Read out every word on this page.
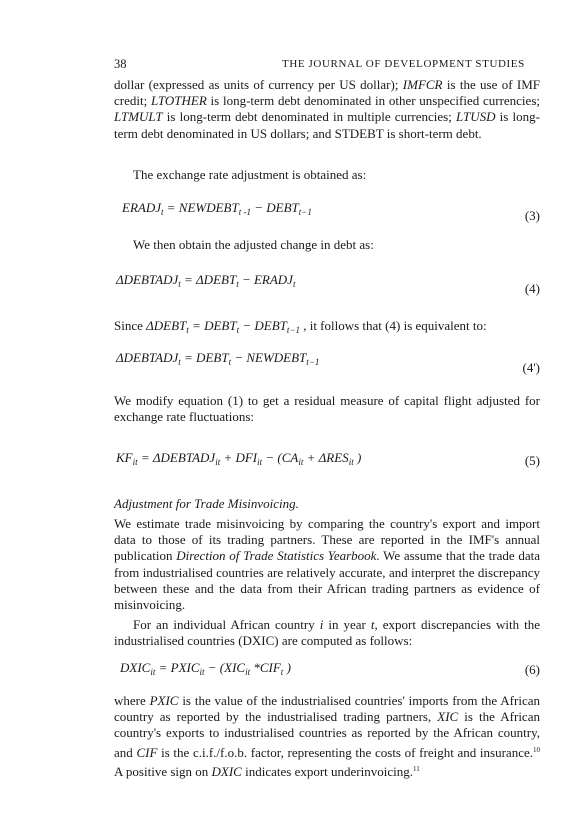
38	THE JOURNAL OF DEVELOPMENT STUDIES

dollar (expressed as units of currency per US dollar); IMFCR is the use of IMF credit; LTOTHER is long-term debt denominated in other unspecified currencies; LTMULT is long-term debt denominated in multiple currencies; LTUSD is long-term debt denominated in US dollars; and STDEBT is short-term debt.

The exchange rate adjustment is obtained as:

$ERADJ_t$ = $NEWDEBT_{t -1}$ − $DEBT_{t-1}$	(3)

We then obtain the adjusted change in debt as:

$\Delta DEBTADJ_t$ = $\Delta DEBT_t$ − $ERADJ_t$	(4)

Since $\Delta DEBT_t$ = $DEBT_t$ − $DEBT_{t-1}$ , it follows that (4) is equivalent to:

$\Delta DEBTADJ_t$ = $DEBT_t$ − $NEWDEBT_{t-1}$	(4')

We modify equation (1) to get a residual measure of capital flight adjusted for exchange rate fluctuations:

$KF_{it}$ = $\Delta DEBTADJ_{it} + DFI_{it} - (CA_{it} + \Delta RES_{it}$ )	(5)
Adjustment for Trade Misinvoicing.

We estimate trade misinvoicing by comparing the country's export and import data to those of its trading partners. These are reported in the IMF's annual publication Direction of Trade Statistics Yearbook. We assume that the trade data from industrialised countries are relatively accurate, and interpret the discrepancy between these and the data from their African trading partners as evidence of misinvoicing.

For an individual African country i in year t, export discrepancies with the industrialised countries (DXIC) are computed as follows:

$DXIC_{it}$ = $PXIC_{it} - (XIC_{it}$ $*CIF_t$ )	(6)

where PXIC is the value of the industrialised countries' imports from the African country as reported by the industrialised trading partners, XIC is the African country's exports to industrialised countries as reported by the African country, and CIF is the c.i.f./f.o.b. factor, representing the costs of freight and insurance.$^{10}$ A positive sign on DXIC indicates export underinvoicing.$^{11}$
